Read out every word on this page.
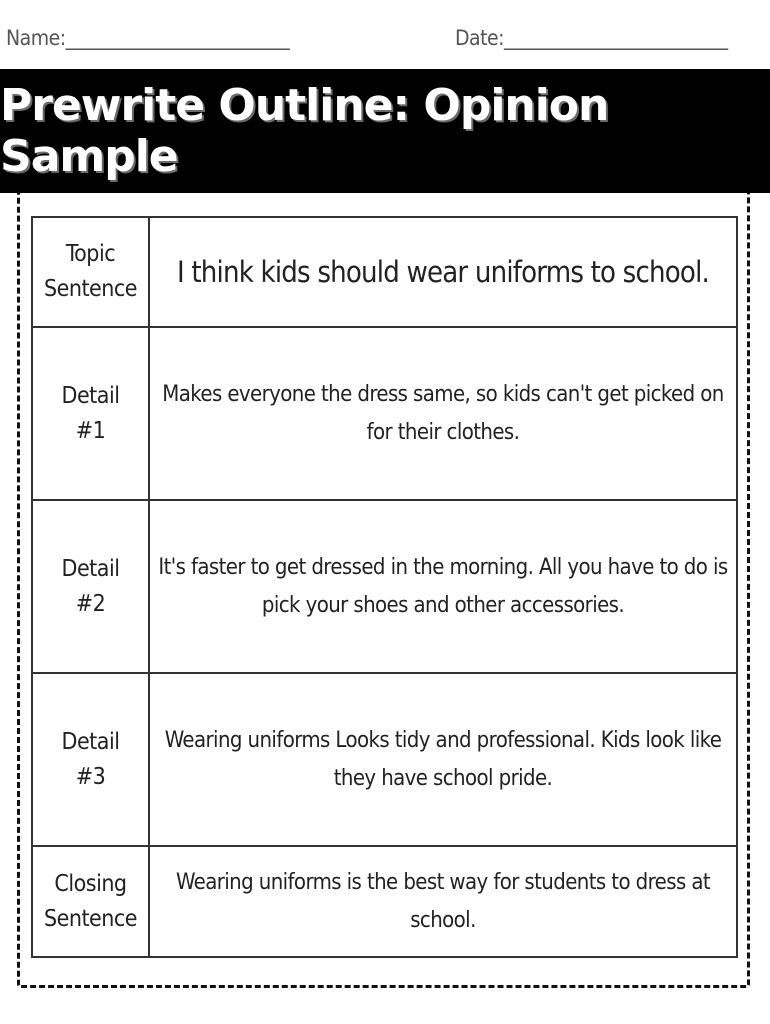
Name:_________________________	Date:_________________________
Prewrite Outline: Opinion Sample
Topic
Sentence	I think kids should wear uniforms to school.

Detail
#1	Makes everyone the dress same, so kids can't get picked on for their clothes.

Detail
#2	It's faster to get dressed in the morning. All you have to do is pick your shoes and other accessories.

Detail
#3	Wearing uniforms Looks tidy and professional. Kids look like they have school pride.

Closing
Sentence	Wearing uniforms is the best way for students to dress at school.
